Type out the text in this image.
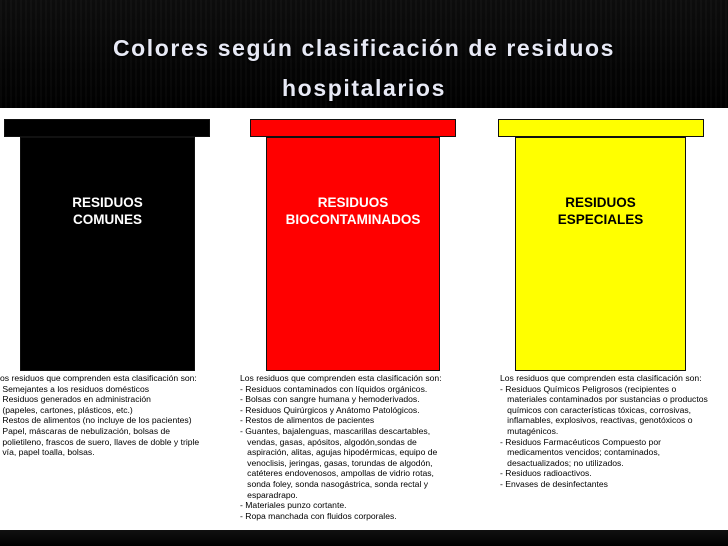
Colores según clasificación de residuos
hospitalarios
RESIDUOS
COMUNES
RESIDUOS
BIOCONTAMINADOS
RESIDUOS
ESPECIALES
os residuos que comprenden esta clasificación son:
Semejantes a los residuos domésticos
Residuos generados en administración
(papeles, cartones, plásticos, etc.)
Restos de alimentos (no incluye de los pacientes)
Papel, máscaras de nebulización, bolsas de
polietileno, frascos de suero, llaves de doble y triple
vía, papel toalla, bolsas.
Los residuos que comprenden esta clasificación son:
- Residuos contaminados con líquidos orgánicos.
- Bolsas con sangre humana y hemoderivados.
- Residuos Quirúrgicos y Anátomo Patológicos.
- Restos de alimentos de pacientes
- Guantes, bajalenguas, mascarillas descartables,
vendas, gasas, apósitos, algodón,sondas de
aspiración, alitas, agujas hipodérmicas, equipo de
venoclisis, jeringas, gasas, torundas de algodón,
catéteres endovenosos, ampollas de vidrio rotas,
sonda foley, sonda nasogástrica, sonda rectal y
esparadrapo.
- Materiales punzo cortante.
- Ropa manchada con fluidos corporales.
Los residuos que comprenden esta clasificación son:
- Residuos Químicos Peligrosos (recipientes o
materiales contaminados por sustancias o productos
químicos con características tóxicas, corrosivas,
inflamables, explosivos, reactivas, genotóxicos o
mutagénicos.
- Residuos Farmacéuticos Compuesto por
medicamentos vencidos; contaminados,
desactualizados; no utilizados.
- Residuos radioactivos.
- Envases de desinfectantes
